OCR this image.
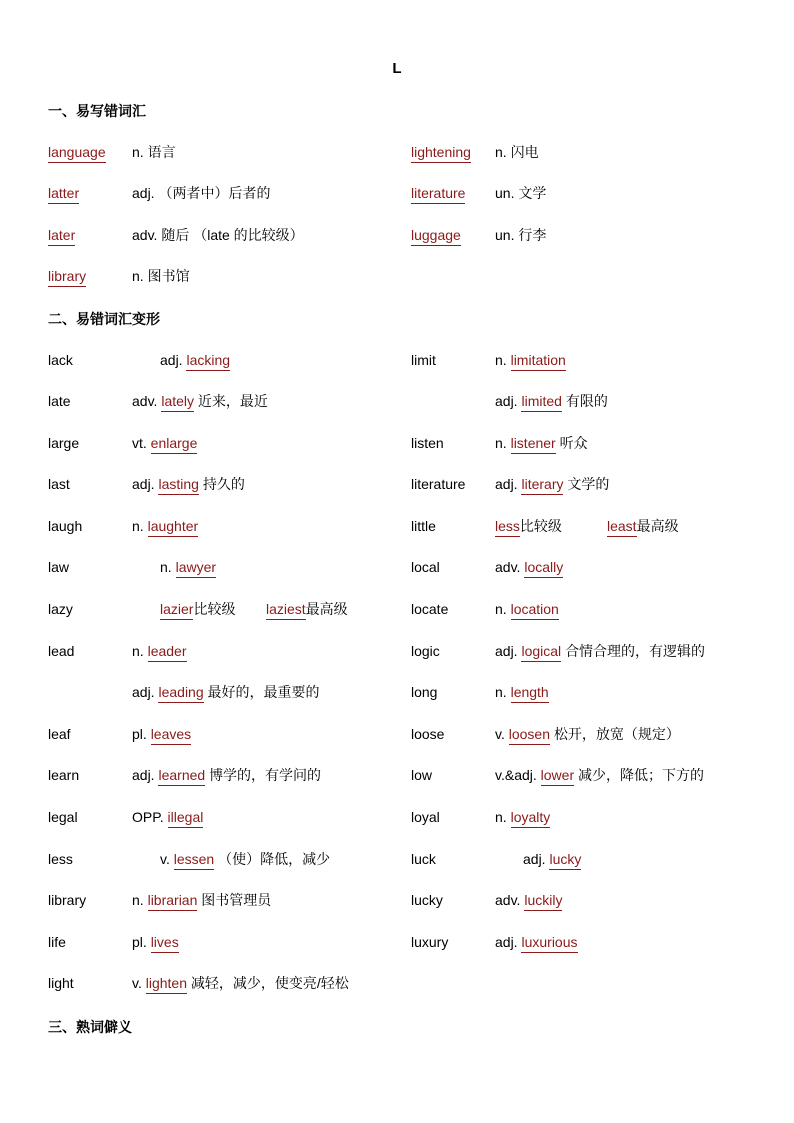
L
一、易写错词汇
language n. 语言	lightening n. 闪电
latter	adj. （两者中）后者的	literature un. 文学
later	adv. 随后 （late 的比较级）	luggage un. 行李
library	n. 图书馆
二、易错词汇变形
lack	adj. lacking
late	adv. lately 近来，最近
large	vt. enlarge
last	adj. lasting 持久的
laugh	n. laughter
law	n. lawyer
lazy	lazier比较级 laziest最高级
lead	n. leader
adj. leading 最好的，最重要的
leaf	pl. leaves
learn	adj. learned 博学的，有学问的
legal	OPP. illegal
less	v. lessen （使）降低，减少
library	n. librarian 图书管理员
life	pl. lives
light	v. lighten 减轻，减少，使变亮/轻松
limit	n. limitation
adj. limited 有限的
listen	n. listener 听众
literature adj. literary 文学的
little	less比较级	least最高级
local	adv. locally
locate	n. location
logic	adj. logical 合情合理的，有逻辑的
long	n. length
loose	v. loosen 松开，放宽（规定）
low	v.&adj. lower 减少，降低；下方的
loyal	n. loyalty
luck	adj. lucky
lucky	adv. luckily
luxury	adj. luxurious
三、熟词僻义
